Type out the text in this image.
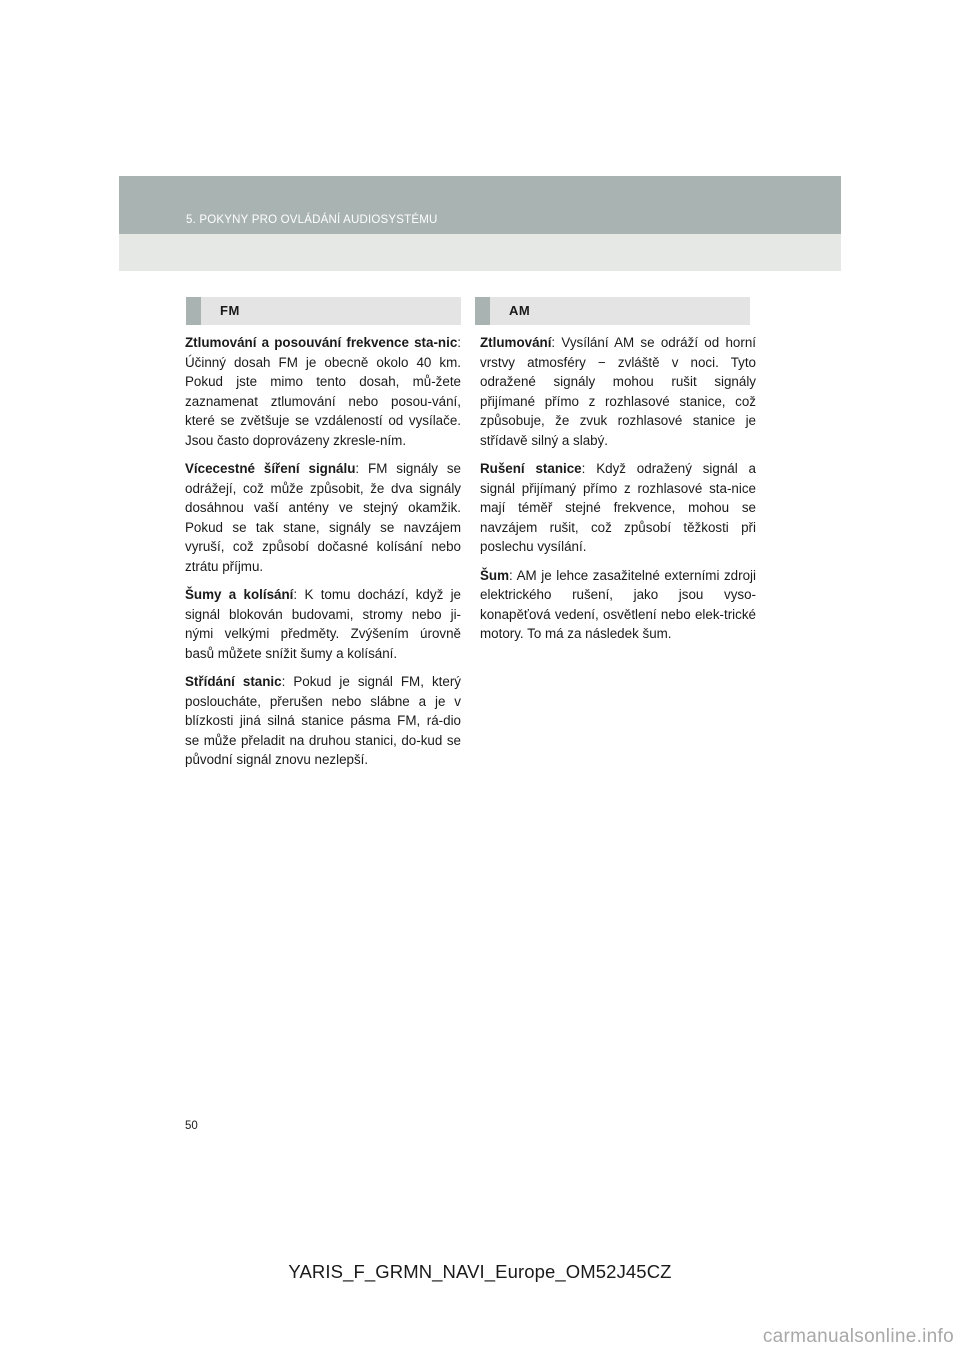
5. POKYNY PRO OVLÁDÁNÍ AUDIOSYSTÉMU
FM	AM

Ztlumování a posouvání frekvence sta-nic: Účinný dosah FM je obecně okolo 40 km. Pokud jste mimo tento dosah, mů-žete zaznamenat ztlumování nebo posou-vání, které se zvětšuje se vzdáleností od vysílače. Jsou často doprovázeny zkresle-ním.

Vícecestné šíření signálu: FM signály se odrážejí, což může způsobit, že dva signály dosáhnou vaší antény ve stejný okamžik. Pokud se tak stane, signály se navzájem vyruší, což způsobí dočasné kolísání nebo ztrátu příjmu.

Šumy a kolísání: K tomu dochází, když je signál blokován budovami, stromy nebo ji-nými velkými předměty. Zvýšením úrovně basů můžete snížit šumy a kolísání.

Střídání stanic: Pokud je signál FM, který posloucháte, přerušen nebo slábne a je v blízkosti jiná silná stanice pásma FM, rá-dio se může přeladit na druhou stanici, do-kud se původní signál znovu nezlepší.

Ztlumování: Vysílání AM se odráží od horní vrstvy atmosféry − zvláště v noci. Tyto odražené signály mohou rušit signály přijímané přímo z rozhlasové stanice, což způsobuje, že zvuk rozhlasové stanice je střídavě silný a slabý.

Rušení stanice: Když odražený signál a signál přijímaný přímo z rozhlasové sta-nice mají téměř stejné frekvence, mohou se navzájem rušit, což způsobí těžkosti při poslechu vysílání.

Šum: AM je lehce zasažitelné externími zdroji elektrického rušení, jako jsou vyso-konapěťová vedení, osvětlení nebo elek-trické motory. To má za následek šum.

50
YARIS_F_GRMN_NAVI_Europe_OM52J45CZ
carmanualsonline.info
